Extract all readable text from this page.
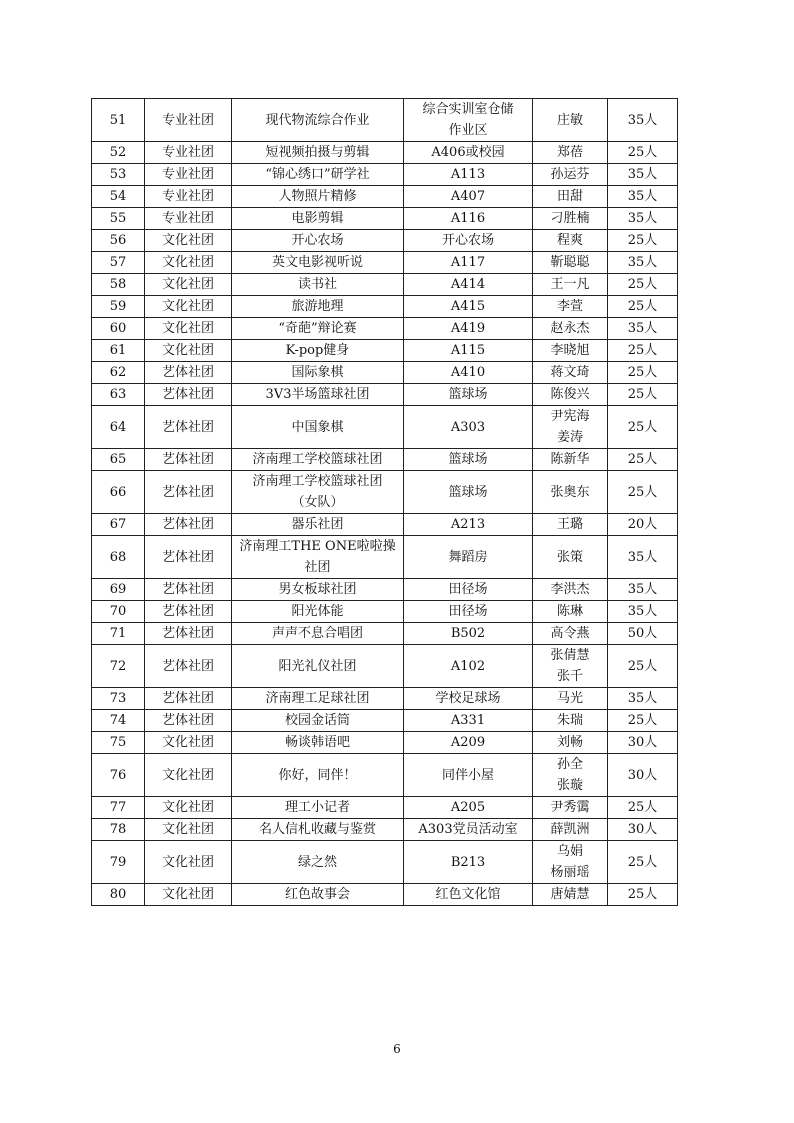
51	专业社团	现代物流综合作业	综合实训室仓储
作业区	庄敏	35人
52	专业社团	短视频拍摄与剪辑	A406或校园	郑蓓	25人
53	专业社团	“锦心绣口”研学社	A113	孙运芬	35人
54	专业社团	人物照片精修	A407	田甜	35人
55	专业社团	电影剪辑	A116	刁胜楠	35人
56	文化社团	开心农场	开心农场	程爽	25人
57	文化社团	英文电影视听说	A117	靳聪聪	35人
58	文化社团	读书社	A414	王一凡	25人
59	文化社团	旅游地理	A415	李萱	25人
60	文化社团	“奇葩”辩论赛	A419	赵永杰	35人
61	文化社团	K-pop健身	A115	李晓旭	25人
62	艺体社团	国际象棋	A410	蒋文琦	25人
63	艺体社团	3V3半场篮球社团	篮球场	陈俊兴	25人
64	艺体社团	中国象棋	A303	尹宪海
姜涛	25人
65	艺体社团	济南理工学校篮球社团	篮球场	陈新华	25人
66	艺体社团	济南理工学校篮球社团
（女队）	篮球场	张奥东	25人
67	艺体社团	器乐社团	A213	王璐	20人
68	艺体社团	济南理工THE ONE啦啦操
社团	舞蹈房	张策	35人
69	艺体社团	男女板球社团	田径场	李洪杰	35人
70	艺体社团	阳光体能	田径场	陈琳	35人
71	艺体社团	声声不息合唱团	B502	高令燕	50人
72	艺体社团	阳光礼仪社团	A102	张倩慧
张千	25人
73	艺体社团	济南理工足球社团	学校足球场	马光	35人
74	艺体社团	校园金话筒	A331	朱瑞	25人
75	文化社团	畅谈韩语吧	A209	刘畅	30人
76	文化社团	你好，同伴！	同伴小屋	孙全
张璇	30人
77	文化社团	理工小记者	A205	尹秀霭	25人
78	文化社团	名人信札收藏与鉴赏	A303党员活动室	薛凯洲	30人
79	文化社团	绿之然	B213	乌娟
杨丽瑶	25人
80	文化社团	红色故事会	红色文化馆	唐婧慧	25人
6
